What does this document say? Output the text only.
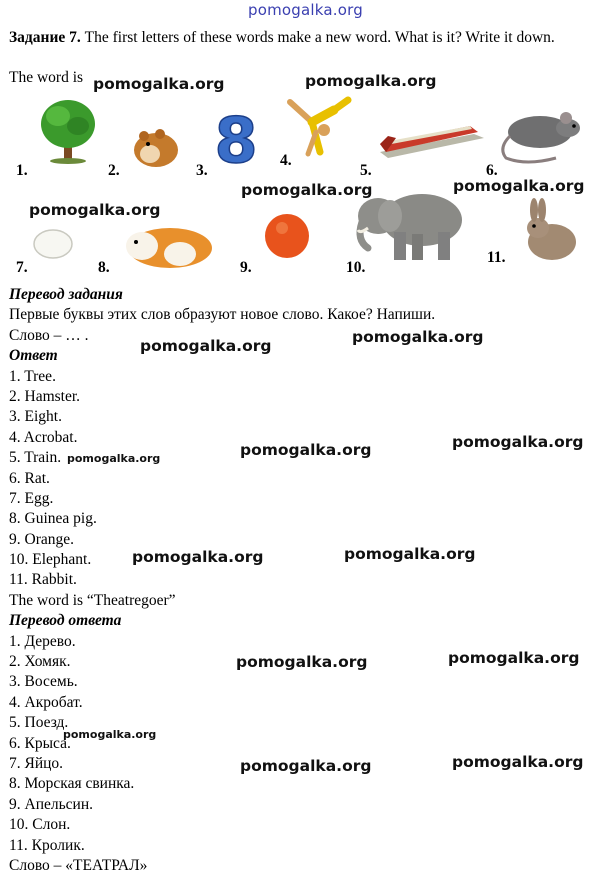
pomogalka.org
Задание 7. The first letters of these words make a new word. What is it? Write it down.
The word is
8
1.	2.	3.
4.
5.	6.
7.	8.	9.	10.
11.
Перевод задания
Первые буквы этих слов образуют новое слово. Какое? Напиши.
Слово – … .
Ответ
1. Tree.
2. Hamster.
3. Eight.
4. Acrobat.
5. Train.
6. Rat.
7. Egg.
8. Guinea pig.
9. Orange.
10. Elephant.
11. Rabbit.
The word is “Theatregoer”
Перевод ответа
1. Дерево.
2. Хомяк.
3. Восемь.
4. Акробат.
5. Поезд.
6. Крыса.
7. Яйцо.
8. Морская свинка.
9. Апельсин.
10. Слон.
11. Кролик.
Слово – «ТЕАТРАЛ»
pomogalka.org	pomogalka.org
pomogalka.org	pomogalka.org
pomogalka.org
pomogalka.org	pomogalka.org
pomogalka.org	pomogalka.org
pomogalka.org
pomogalka.org	pomogalka.org
pomogalka.org	pomogalka.org
pomogalka.org
pomogalka.org	pomogalka.org
